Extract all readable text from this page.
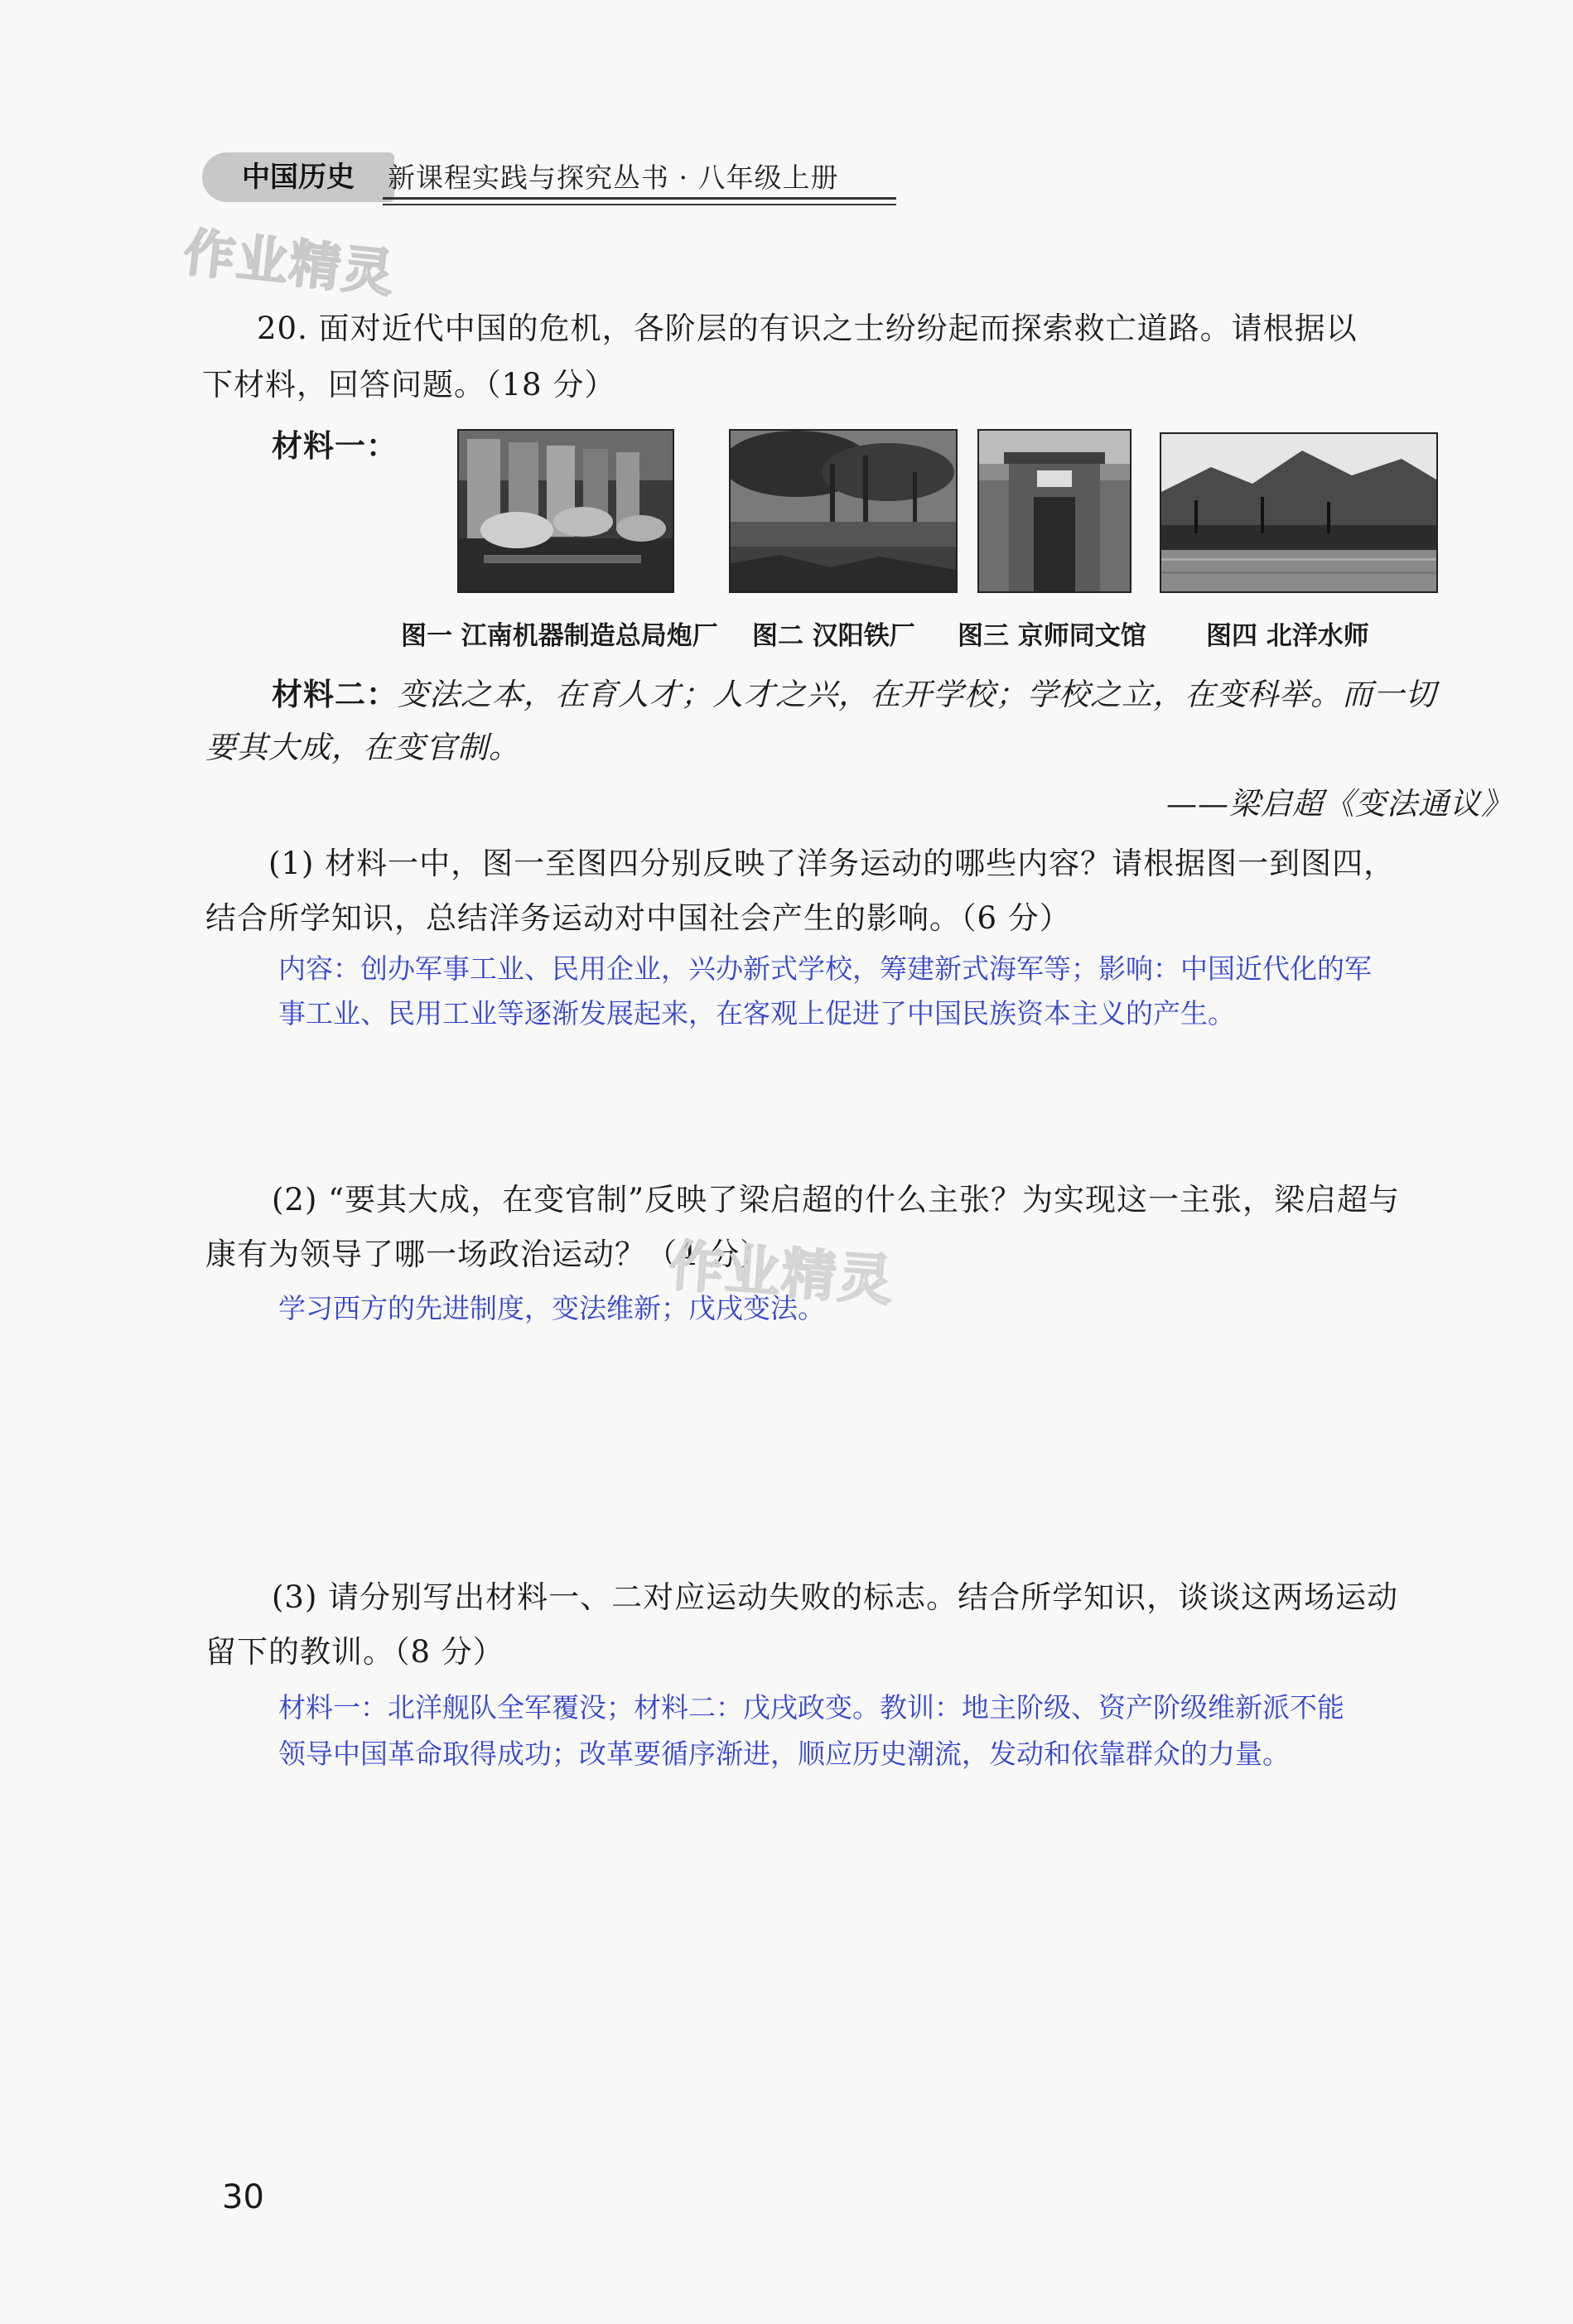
中国历史	新课程实践与探究丛书 · 八年级上册
作业精灵
20. 面对近代中国的危机，各阶层的有识之士纷纷起而探索救亡道路。请根据以
下材料，回答问题。（18 分）
材料一：
图一 江南机器制造总局炮厂 图二 汉阳铁厂 图三 京师同文馆 图四 北洋水师
材料二：变法之本，在育人才；人才之兴，在开学校；学校之立，在变科举。而一切
要其大成，在变官制。
——梁启超《变法通议》
(1) 材料一中，图一至图四分别反映了洋务运动的哪些内容？请根据图一到图四，
结合所学知识，总结洋务运动对中国社会产生的影响。（6 分）
内容：创办军事工业、民用企业，兴办新式学校，筹建新式海军等；影响：中国近代化的军
事工业、民用工业等逐渐发展起来，在客观上促进了中国民族资本主义的产生。
(2) “要其大成，在变官制”反映了梁启超的什么主张？为实现这一主张，梁启超与
康有为领导了哪一场政治运动？（4 分）
作业精灵
学习西方的先进制度，变法维新；戊戌变法。
(3) 请分别写出材料一、二对应运动失败的标志。结合所学知识，谈谈这两场运动
留下的教训。（8 分）
材料一：北洋舰队全军覆没；材料二：戊戌政变。教训：地主阶级、资产阶级维新派不能
领导中国革命取得成功；改革要循序渐进，顺应历史潮流，发动和依靠群众的力量。
30
